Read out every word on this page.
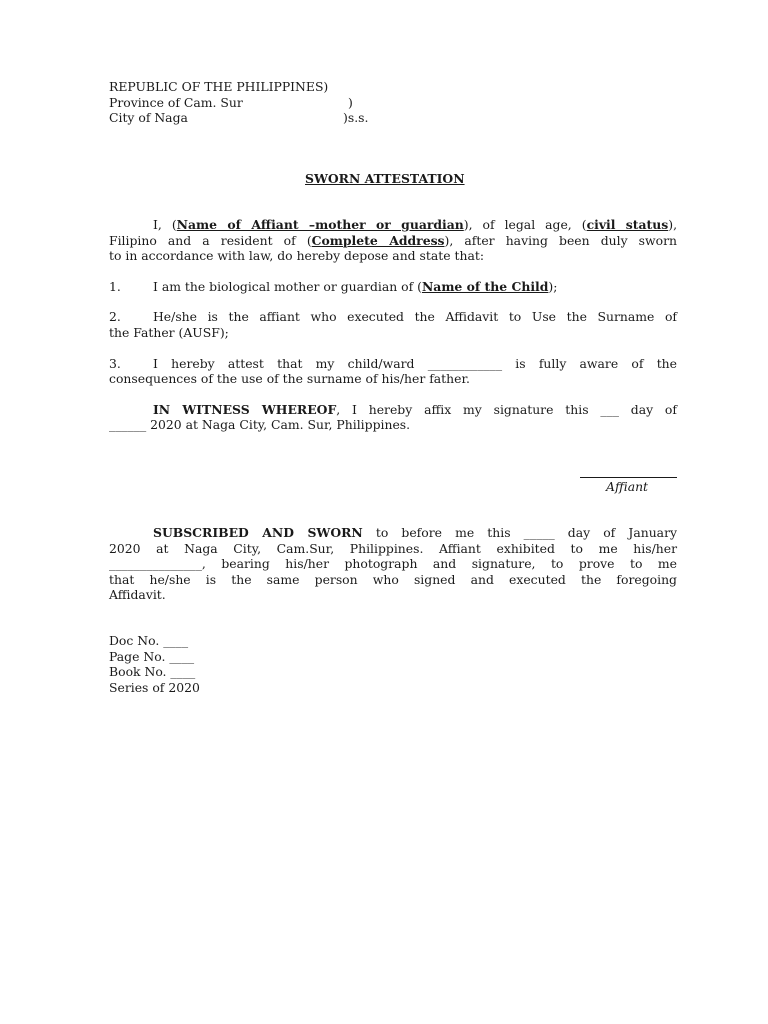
REPUBLIC OF THE PHILIPPINES)
Province of Cam. Sur	)
City of Naga	)s.s.
SWORN ATTESTATION
I, (Name of Affiant –mother or guardian), of legal age, (civil status),
Filipino and a resident of (Complete Address), after having been duly sworn
to in accordance with law, do hereby depose and state that:
1.	I am the biological mother or guardian of (Name of the Child);
2.	He/she is the affiant who executed the Affidavit to Use the Surname of
the Father (AUSF);
3.	I hereby attest that my child/ward ____________ is fully aware of the
consequences of the use of the surname of his/her father.
IN WITNESS WHEREOF, I hereby affix my signature this ___ day of
______ 2020 at Naga City, Cam. Sur, Philippines.
Affiant
SUBSCRIBED AND SWORN to before me this _____ day of January
2020 at Naga City, Cam.Sur, Philippines. Affiant exhibited to me his/her
_______________, bearing his/her photograph and signature, to prove to me
that he/she is the same person who signed and executed the foregoing
Affidavit.
Doc No. ____
Page No. ____
Book No. ____
Series of 2020
